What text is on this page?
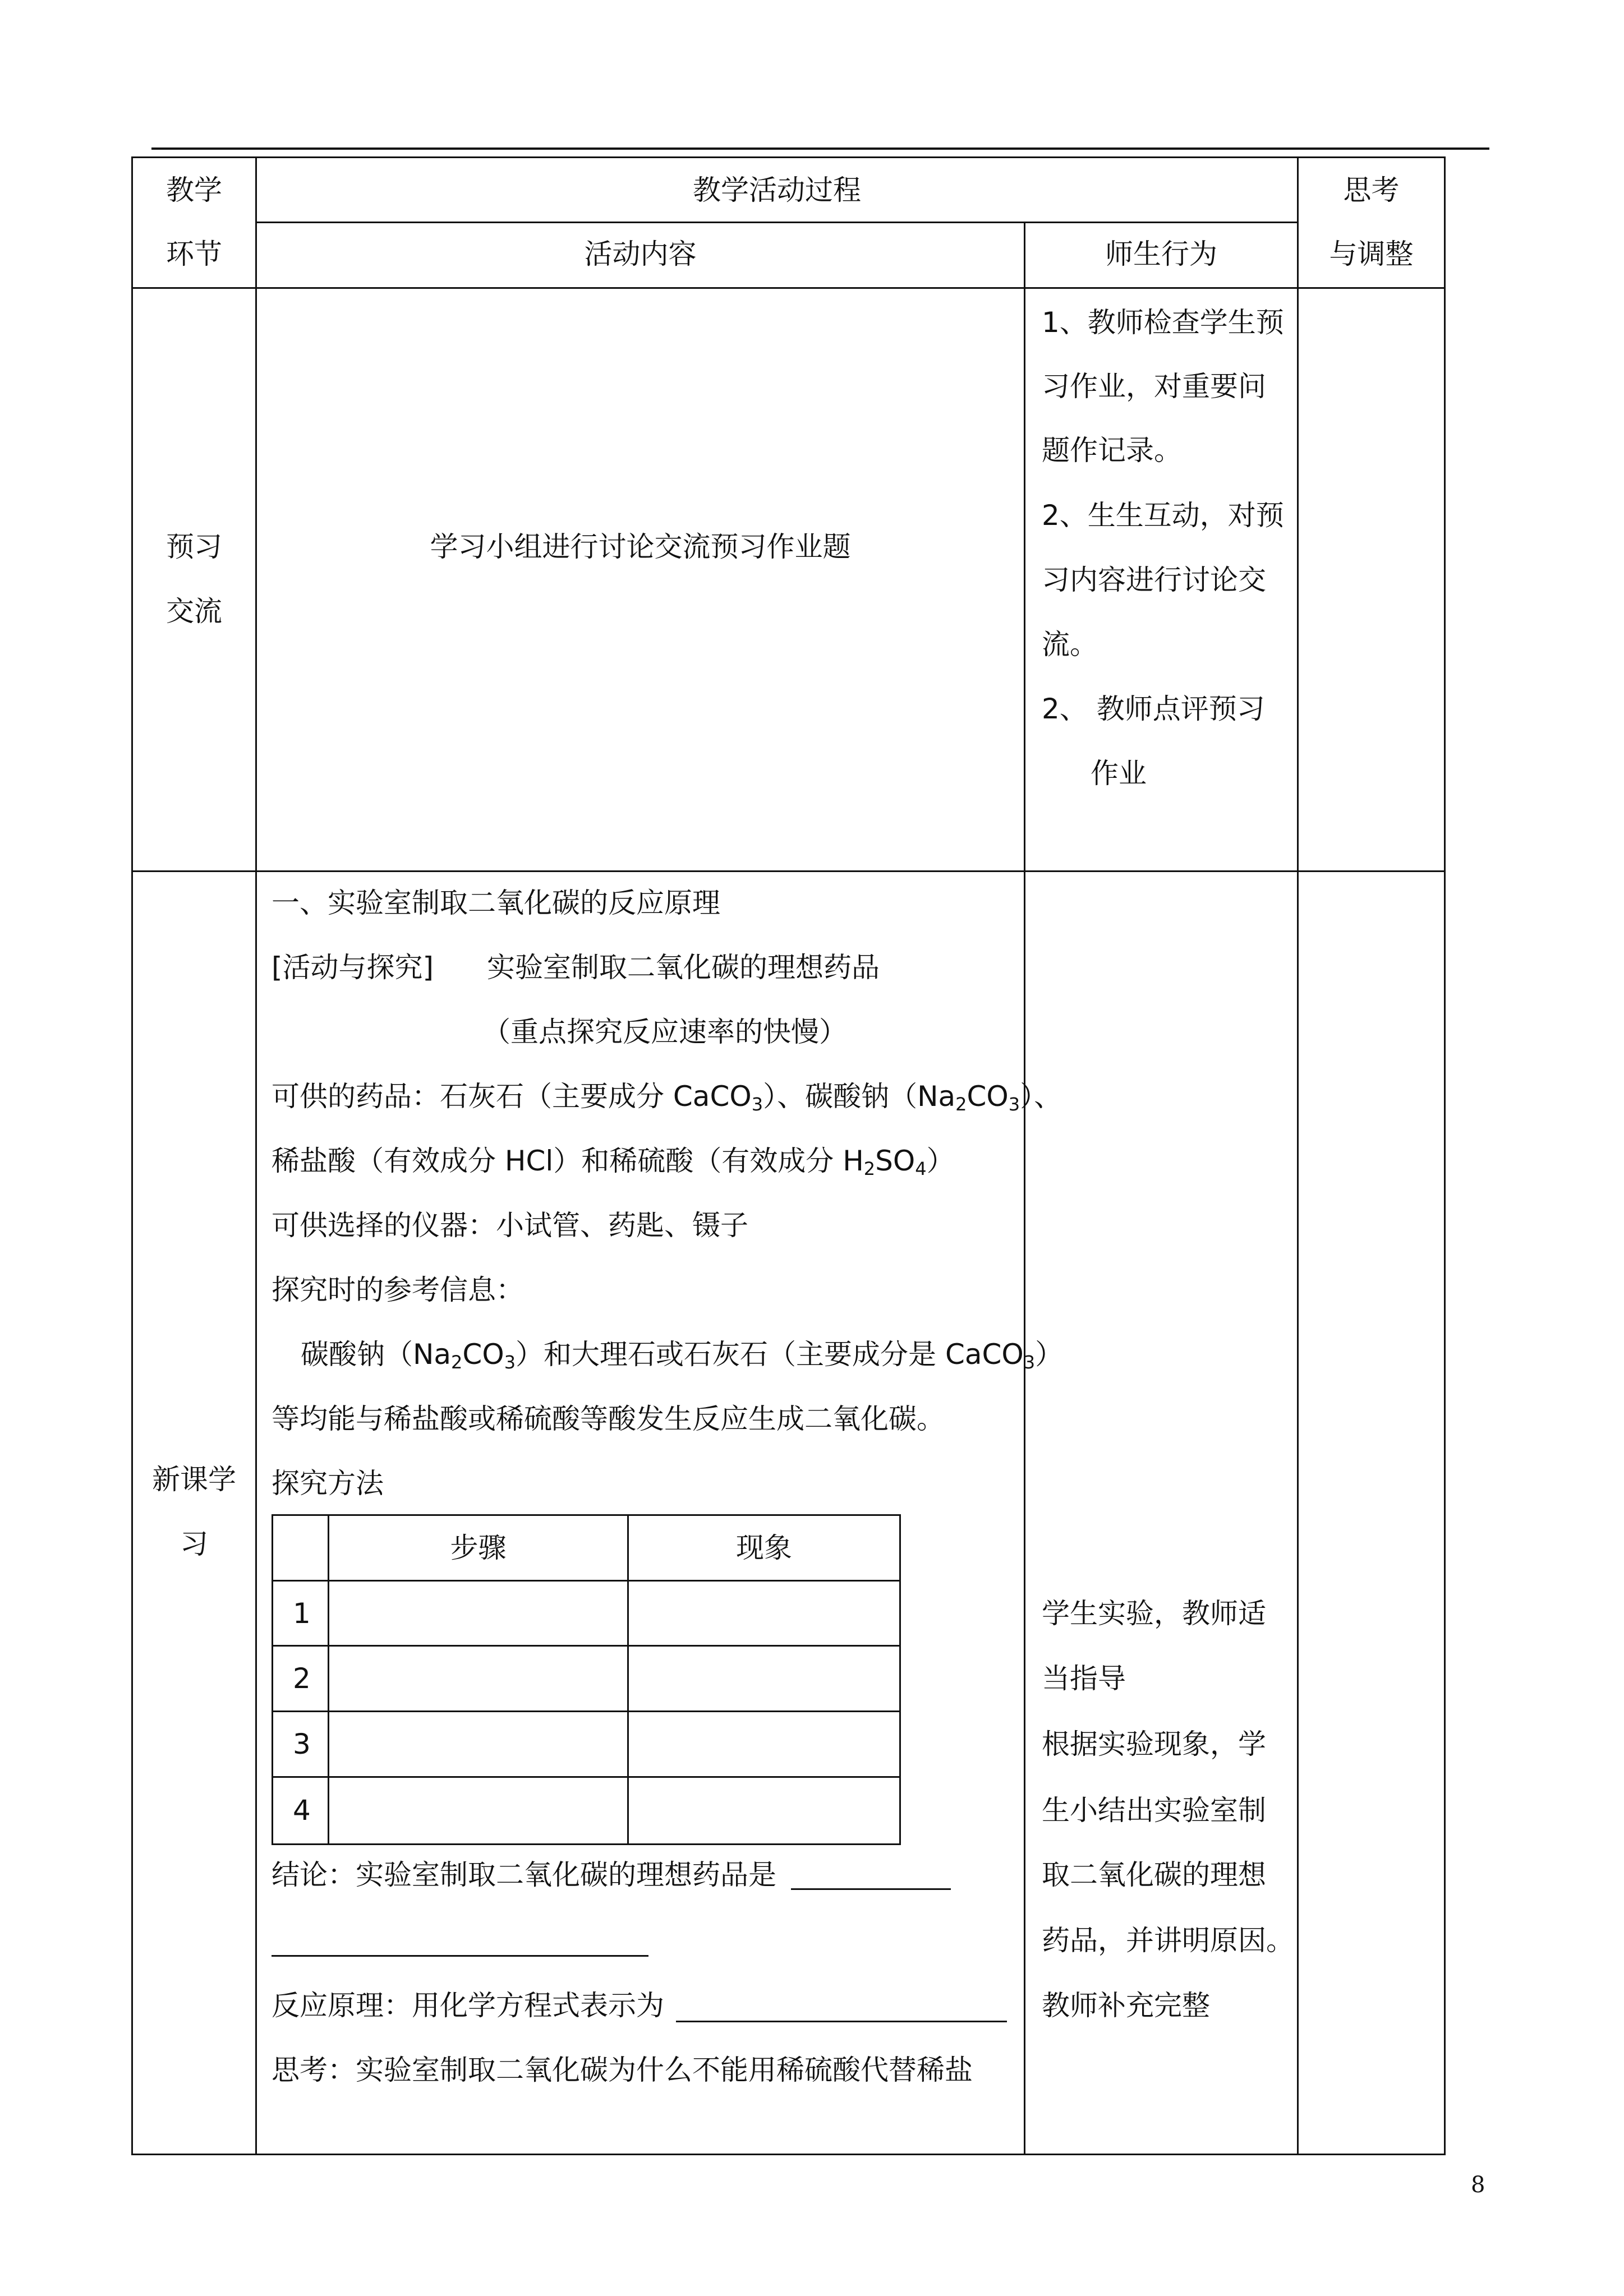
教学
环节
教学活动过程
活动内容	师生行为
思考
与调整
预习
交流
学习小组进行讨论交流预习作业题
1、教师检查学生预
习作业，对重要问
题作记录。
2、生生互动，对预
习内容进行讨论交
流。
2、 教师点评预习
作业
新课学
习
一、实验室制取二氧化碳的反应原理
[活动与探究] 实验室制取二氧化碳的理想药品
（重点探究反应速率的快慢）
可供的药品：石灰石（主要成分 CaCO$_3$）、碳酸钠$(Na_2CO_3)$、
稀盐酸（有效成分 HCl）和稀硫酸（有效成分 $H_2SO_4$）
可供选择的仪器：小试管、药匙、镊子
探究时的参考信息：
碳酸钠$(Na_2CO_3)$和大理石或石灰石（主要成分是 CaCO$_3$）
等均能与稀盐酸或稀硫酸等酸发生反应生成二氧化碳。
探究方法
步骤	现象
1
2
3
4
结论：实验室制取二氧化碳的理想药品是
反应原理：用化学方程式表示为
思考：实验室制取二氧化碳为什么不能用稀硫酸代替稀盐
学生实验，教师适
当指导
根据实验现象，学
生小结出实验室制
取二氧化碳的理想
药品，并讲明原因。
教师补充完整
8
